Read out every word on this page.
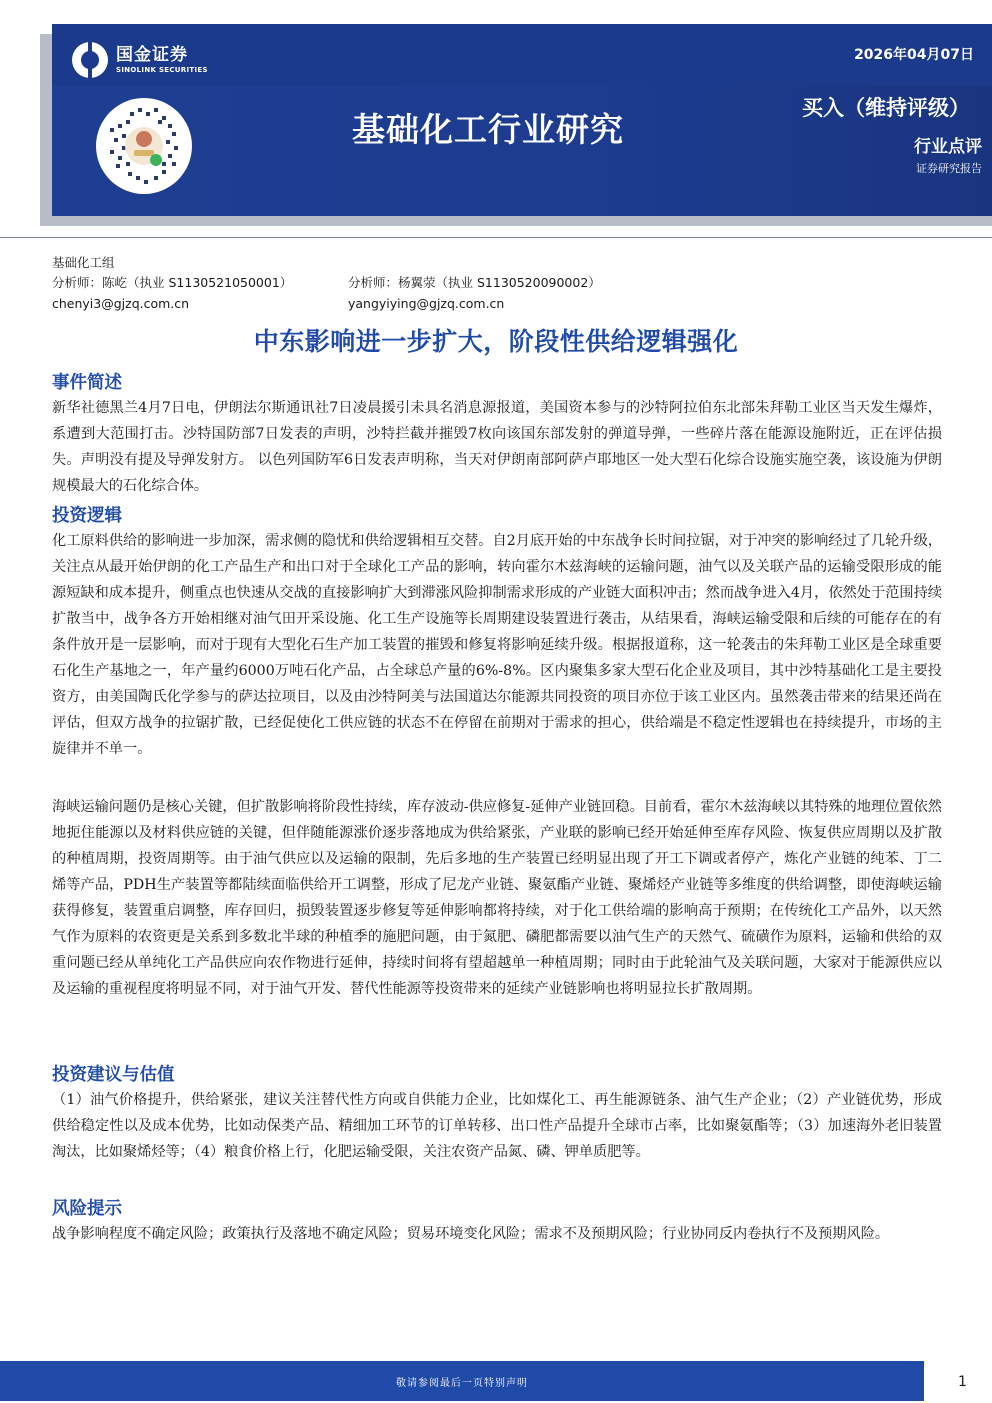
国金证券
SINOLINK SECURITIES
基础化工行业研究
2026年04月07日
买入（维持评级）
行业点评
证券研究报告
基础化工组
分析师：陈屹（执业 S1130521050001）
chenyi3@gjzq.com.cn
分析师：杨翼荥（执业 S1130520090002）
yangyiying@gjzq.com.cn
中东影响进一步扩大，阶段性供给逻辑强化
事件简述

新华社德黑兰4月7日电，伊朗法尔斯通讯社7日凌晨援引未具名消息源报道，美国资本参与的沙特阿拉伯东北部朱拜勒工业区当天发生爆炸，系遭到大范围打击。沙特国防部7日发表的声明，沙特拦截并摧毁7枚向该国东部发射的弹道导弹，一些碎片落在能源设施附近，正在评估损失。声明没有提及导弹发射方。 以色列国防军6日发表声明称，当天对伊朗南部阿萨卢耶地区一处大型石化综合设施实施空袭，该设施为伊朗规模最大的石化综合体。

投资逻辑

化工原料供给的影响进一步加深，需求侧的隐忧和供给逻辑相互交替。自2月底开始的中东战争长时间拉锯，对于冲突的影响经过了几轮升级，关注点从最开始伊朗的化工产品生产和出口对于全球化工产品的影响，转向霍尔木兹海峡的运输问题，油气以及关联产品的运输受限形成的能源短缺和成本提升，侧重点也快速从交战的直接影响扩大到滞涨风险抑制需求形成的产业链大面积冲击；然而战争进入4月，依然处于范围持续扩散当中，战争各方开始相继对油气田开采设施、化工生产设施等长周期建设装置进行袭击，从结果看，海峡运输受限和后续的可能存在的有条件放开是一层影响，而对于现有大型化石生产加工装置的摧毁和修复将影响延续升级。根据报道称，这一轮袭击的朱拜勒工业区是全球重要石化生产基地之一，年产量约6000万吨石化产品，占全球总产量的6%-8%。区内聚集多家大型石化企业及项目，其中沙特基础化工是主要投资方，由美国陶氏化学参与的萨达拉项目，以及由沙特阿美与法国道达尔能源共同投资的项目亦位于该工业区内。虽然袭击带来的结果还尚在评估，但双方战争的拉锯扩散，已经促使化工供应链的状态不在停留在前期对于需求的担心，供给端是不稳定性逻辑也在持续提升，市场的主旋律并不单一。

海峡运输问题仍是核心关键，但扩散影响将阶段性持续，库存波动-供应修复-延伸产业链回稳。目前看，霍尔木兹海峡以其特殊的地理位置依然地扼住能源以及材料供应链的关键，但伴随能源涨价逐步落地成为供给紧张，产业联的影响已经开始延伸至库存风险、恢复供应周期以及扩散的种植周期，投资周期等。由于油气供应以及运输的限制，先后多地的生产装置已经明显出现了开工下调或者停产，炼化产业链的纯苯、丁二烯等产品，PDH生产装置等都陆续面临供给开工调整，形成了尼龙产业链、聚氨酯产业链、聚烯烃产业链等多维度的供给调整，即使海峡运输获得修复，装置重启调整，库存回归，损毁装置逐步修复等延伸影响都将持续，对于化工供给端的影响高于预期；在传统化工产品外，以天然气作为原料的农资更是关系到多数北半球的种植季的施肥问题，由于氮肥、磷肥都需要以油气生产的天然气、硫磺作为原料，运输和供给的双重问题已经从单纯化工产品供应向农作物进行延伸，持续时间将有望超越单一种植周期；同时由于此轮油气及关联问题，大家对于能源供应以及运输的重视程度将明显不同，对于油气开发、替代性能源等投资带来的延续产业链影响也将明显拉长扩散周期。

投资建议与估值

（1）油气价格提升，供给紧张，建议关注替代性方向或自供能力企业，比如煤化工、再生能源链条、油气生产企业；（2）产业链优势，形成供给稳定性以及成本优势，比如动保类产品、精细加工环节的订单转移、出口性产品提升全球市占率，比如聚氨酯等；（3）加速海外老旧装置淘汰，比如聚烯烃等；（4）粮食价格上行，化肥运输受限，关注农资产品氮、磷、钾单质肥等。

风险提示

战争影响程度不确定风险；政策执行及落地不确定风险；贸易环境变化风险；需求不及预期风险；行业协同反内卷执行不及预期风险。

敬请参阅最后一页特别声明	1
